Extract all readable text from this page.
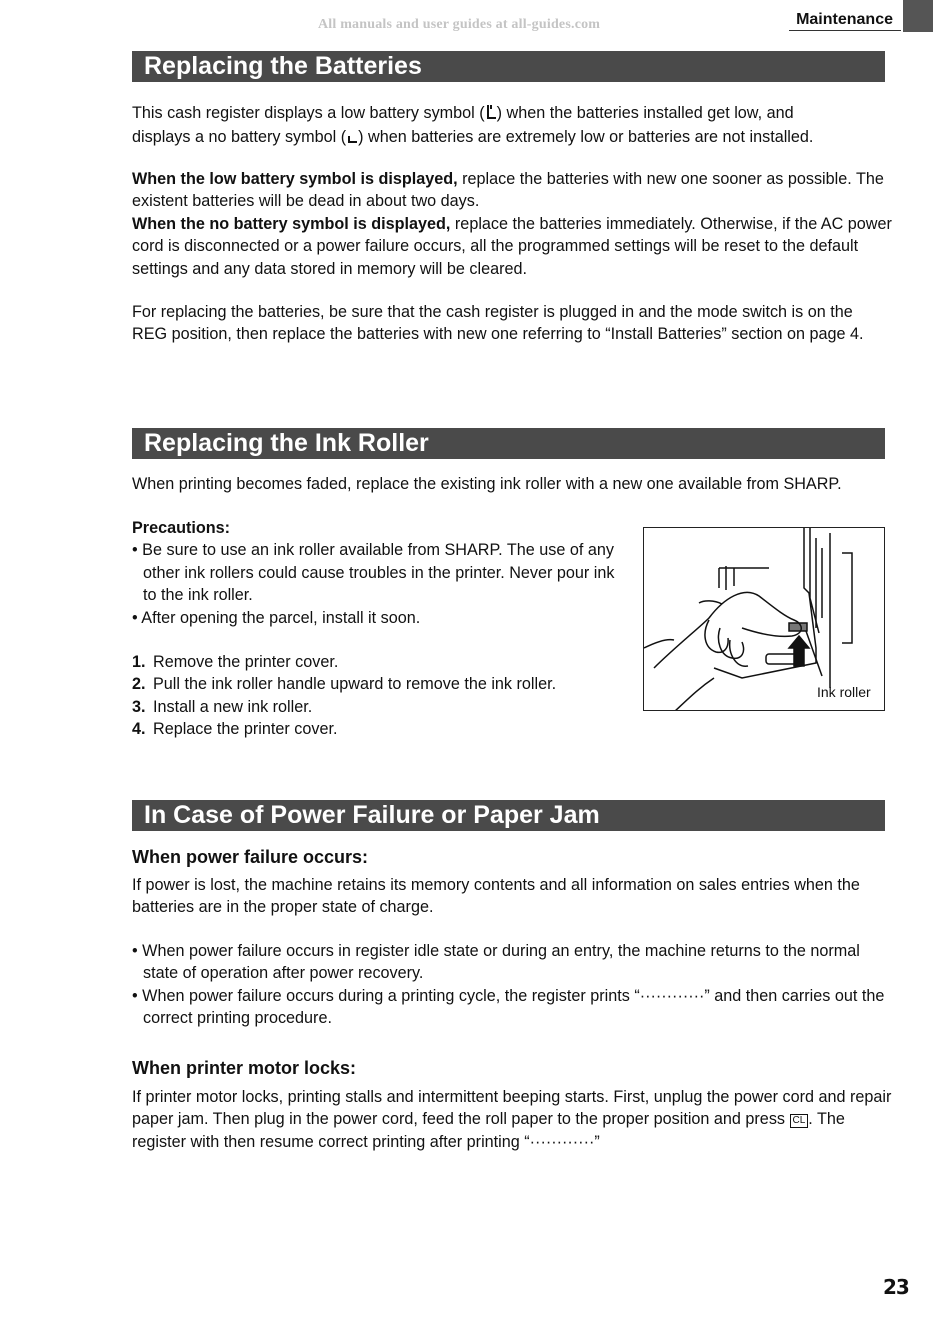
All manuals and user guides at all-guides.com	Maintenance
Replacing the Batteries

This cash register displays a low battery symbol ( ) when the batteries installed get low, and
displays a no battery symbol ( ) when batteries are extremely low or batteries are not installed.

When the low battery symbol is displayed, replace the batteries with new one sooner as possible. The existent batteries will be dead in about two days.
When the no battery symbol is displayed, replace the batteries immediately. Otherwise, if the AC power cord is disconnected or a power failure occurs, all the programmed settings will be reset to the default settings and any data stored in memory will be cleared.

For replacing the batteries, be sure that the cash register is plugged in and the mode switch is on the REG position, then replace the batteries with new one referring to “Install Batteries” section on page 4.

Replacing the Ink Roller

When printing becomes faded, replace the existing ink roller with a new one available from SHARP.

Precautions:
• Be sure to use an ink roller available from SHARP. The use of any other ink rollers could cause troubles in the printer. Never pour ink to the ink roller.
• After opening the parcel, install it soon.
1. Remove the printer cover.
2. Pull the ink roller handle upward to remove the ink roller.
3. Install a new ink roller.
4. Replace the printer cover.
Ink roller
In Case of Power Failure or Paper Jam
When power failure occurs:

If power is lost, the machine retains its memory contents and all information on sales entries when the batteries are in the proper state of charge.

• When power failure occurs in register idle state or during an entry, the machine returns to the normal state of operation after power recovery.
• When power failure occurs during a printing cycle, the register prints “············” and then carries out the correct printing procedure.
When printer motor locks:

If printer motor locks, printing stalls and intermittent beeping starts. First, unplug the power cord and repair paper jam. Then plug in the power cord, feed the roll paper to the proper position and press CL . The register with then resume correct printing after printing “············”

23
